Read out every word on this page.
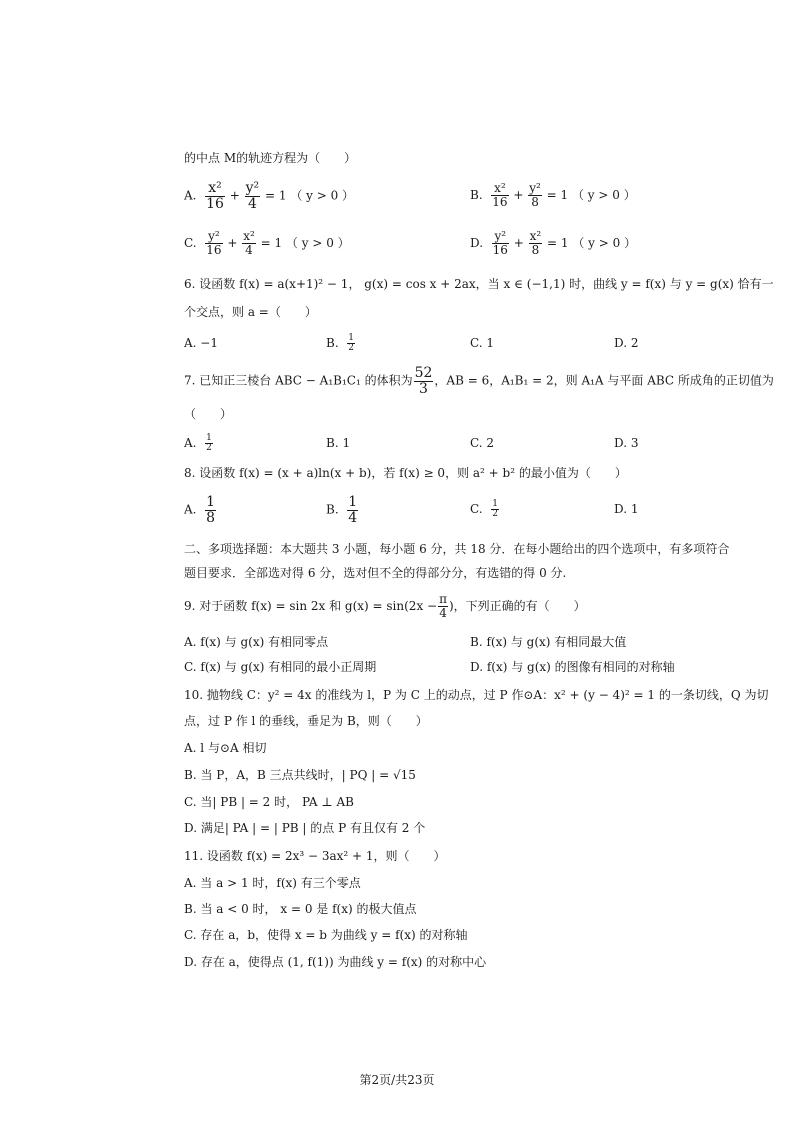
的中点 M的轨迹方程为（　　）
A. $\frac{\text{x²}}{16} + \frac{\text{y²}}{4} = 1$ （ y > 0 ）	B. $\frac{\text{x²}}{16} + \frac{\text{y²}}{8} = 1$ （ y > 0 ）
C. $\frac{\text{y²}}{16} + \frac{\text{x²}}{4} = 1$ （ y > 0 ）	D. $\frac{\text{y²}}{16} + \frac{\text{x²}}{8} = 1$ （ y > 0 ）
6. 设函数 f(x) = a(x+1)² − 1， g(x) = cos x + 2ax，当 x ∈ (−1,1) 时，曲线 y = f(x) 与 y = g(x) 恰有一
个交点，则 a =（　　）
A. −1	B. $\frac{1}{2}$	C. 1	D. 2
7. 已知正三棱台 ABC − A₁B₁C₁ 的体积为 $\frac{52}{3}$ ，AB = 6，A₁B₁ = 2，则 A₁A 与平面 ABC 所成角的正切值为
（　　）
A. $\frac{1}{2}$	B. 1	C. 2	D. 3
8. 设函数 f(x) = (x + a)ln(x + b)，若 f(x) ≥ 0，则 a² + b² 的最小值为（　　）
A. $\frac{1}{8}$	B. $\frac{1}{4}$	C. $\frac{1}{2}$	D. 1
二、多项选择题：本大题共 3 小题，每小题 6 分，共 18 分．在每小题给出的四个选项中，有多项符合
题目要求．全部选对得 6 分，选对但不全的得部分分，有选错的得 0 分.
9. 对于函数 f(x) = sin 2x 和 $g(x) = \sin(2x - \frac{\pi}{4}$ )，下列正确的有（　　）
A. f(x) 与 g(x) 有相同零点	B. f(x) 与 g(x) 有相同最大值
C. f(x) 与 g(x) 有相同的最小正周期	D. f(x) 与 g(x) 的图像有相同的对称轴
10. 抛物线 C：y² = 4x 的准线为 l，P 为 C 上的动点，过 P 作⊙A：x² + (y − 4)² = 1 的一条切线，Q 为切
点，过 P 作 l 的垂线，垂足为 B，则（　　）
A. l 与⊙A 相切
B. 当 P，A，B 三点共线时，| PQ | = √15
C. 当| PB | = 2 时， PA ⊥ AB
D. 满足| PA | = | PB | 的点 P 有且仅有 2 个
11. 设函数 f(x) = 2x³ − 3ax² + 1，则（　　）
A. 当 a > 1 时，f(x) 有三个零点
B. 当 a < 0 时， x = 0 是 f(x) 的极大值点
C. 存在 a，b，使得 x = b 为曲线 y = f(x) 的对称轴
D. 存在 a，使得点 (1, f(1)) 为曲线 y = f(x) 的对称中心
第2页/共23页
